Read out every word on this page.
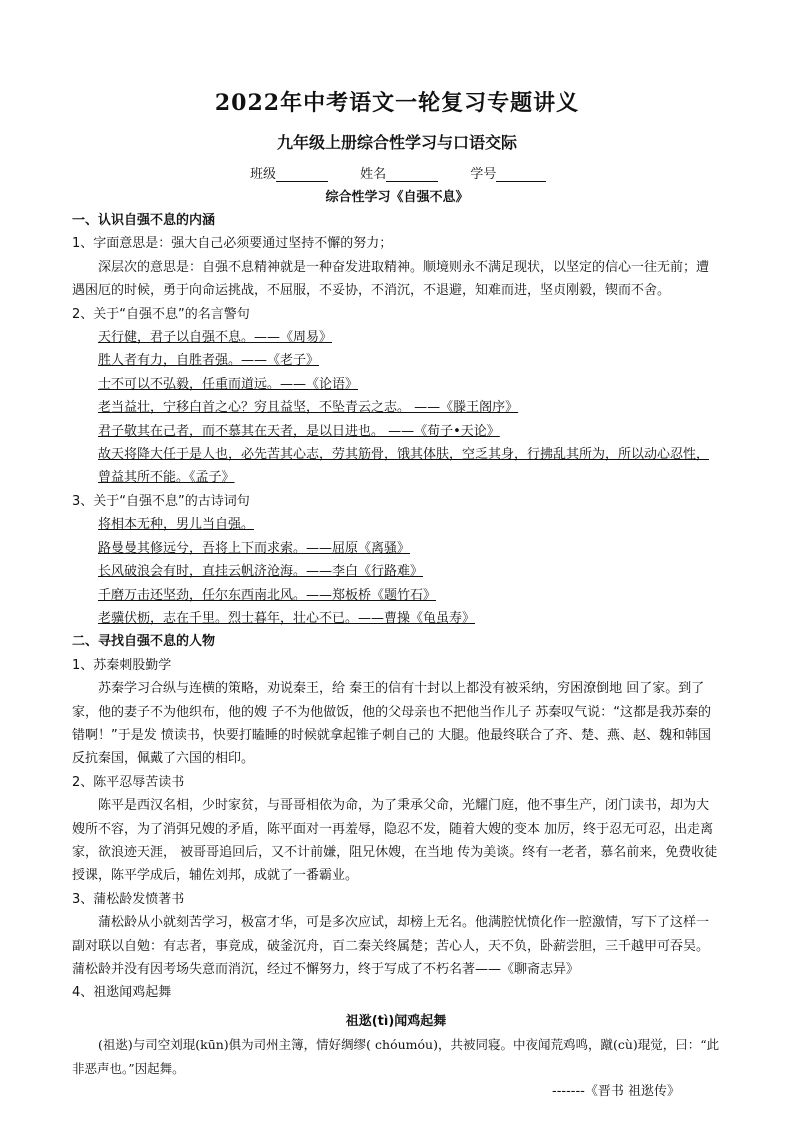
2022年中考语文一轮复习专题讲义
九年级上册综合性学习与口语交际
班级	姓名	学号
综合性学习《自强不息》
一、认识自强不息的内涵
1、字面意思是：强大自己必须要通过坚持不懈的努力；
深层次的意思是：自强不息精神就是一种奋发进取精神。顺境则永不满足现状，以坚定的信心一往无前；遭遇困厄的时候，勇于向命运挑战，不屈服，不妥协，不消沉，不退避，知难而进，坚贞刚毅，锲而不舍。
2、关于“自强不息”的名言警句
天行健，君子以自强不息。——《周易》
胜人者有力，自胜者强。——《老子》
士不可以不弘毅，任重而道远。——《论语》
老当益壮，宁移白首之心？穷且益坚，不坠青云之志。 ——《滕王阁序》
君子敬其在己者，而不慕其在天者，是以日进也。 ——《荀子•天论》
故天将降大任于是人也，必先苦其心志，劳其筋骨，饿其体肤，空乏其身，行拂乱其所为，所以动心忍性，曾益其所不能。《孟子》
3、关于“自强不息”的古诗词句
将相本无种，男儿当自强。
路曼曼其修远兮，吾将上下而求索。——屈原《离骚》
长风破浪会有时，直挂云帆济沧海。——李白《行路难》
千磨万击还坚劲，任尔东西南北风。——郑板桥《题竹石》
老骥伏枥，志在千里。烈士暮年，壮心不已。——曹操《龟虽寿》
二、寻找自强不息的人物
1、苏秦刺股勤学
苏秦学习合纵与连横的策略，劝说秦王，给 秦王的信有十封以上都没有被采纳，穷困潦倒地 回了家。到了家，他的妻子不为他织布，他的嫂 子不为他做饭，他的父母亲也不把他当作儿子 苏秦叹气说：“这都是我苏秦的错啊！”于是发 愤读书，快要打瞌睡的时候就拿起锥子刺自己的 大腿。他最终联合了齐、楚、燕、赵、魏和韩国 反抗秦国，佩戴了六国的相印。
2、陈平忍辱苦读书
陈平是西汉名相，少时家贫，与哥哥相依为命，为了秉承父命，光耀门庭，他不事生产，闭门读书，却为大嫂所不容，为了消弭兄嫂的矛盾，陈平面对一再羞辱，隐忍不发，随着大嫂的变本 加厉，终于忍无可忍，出走离家，欲浪迹天涯， 被哥哥追回后，又不计前嫌，阻兄休嫂，在当地 传为美谈。终有一老者，慕名前来，免费收徒授课，陈平学成后，辅佐刘邦，成就了一番霸业。
3、蒲松龄发愤著书
蒲松龄从小就刻苦学习，极富才华，可是多次应试，却榜上无名。他满腔忧愤化作一腔激情，写下了这样一副对联以自勉：有志者，事竟成，破釜沉舟，百二秦关终属楚；苦心人，天不负，卧薪尝胆，三千越甲可吞吴。蒲松龄并没有因考场失意而消沉，经过不懈努力，终于写成了不朽名著——《聊斋志异》
4、祖逖闻鸡起舞
祖逖(tì)闻鸡起舞
(祖逖)与司空刘琨(kūn)俱为司州主簿，情好绸缪( chóumóu)，共被同寝。中夜闻荒鸡鸣，蹴(cù)琨觉，曰：“此非恶声也。”因起舞。
-------《晋书 祖逖传》
